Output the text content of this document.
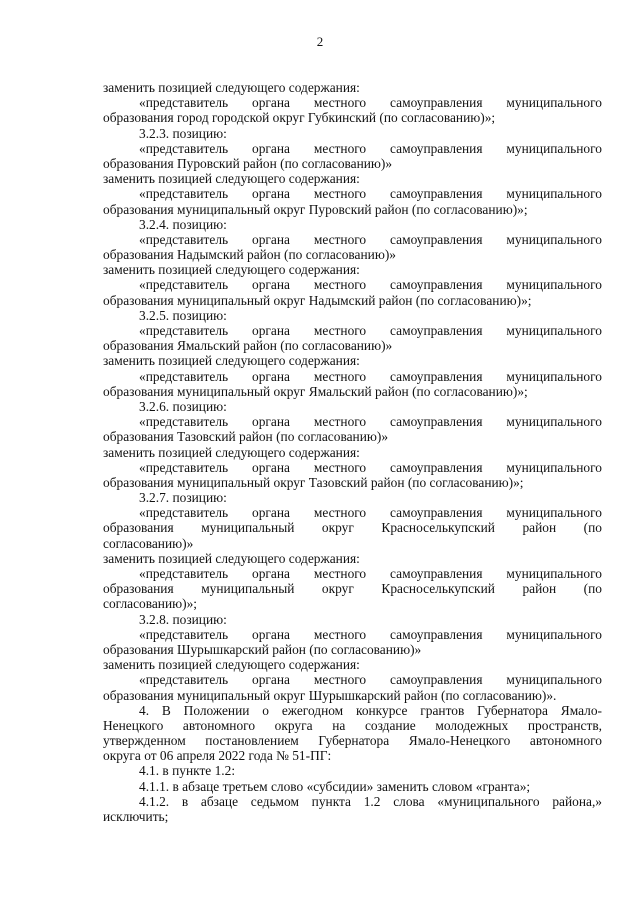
2
заменить позицией следующего содержания:
«представитель органа местного самоуправления муниципального
образования город городской округ Губкинский (по согласованию)»;
3.2.3. позицию:
«представитель органа местного самоуправления муниципального
образования Пуровский район (по согласованию)»
заменить позицией следующего содержания:
«представитель органа местного самоуправления муниципального
образования муниципальный округ Пуровский район (по согласованию)»;
3.2.4. позицию:
«представитель органа местного самоуправления муниципального
образования Надымский район (по согласованию)»
заменить позицией следующего содержания:
«представитель органа местного самоуправления муниципального
образования муниципальный округ Надымский район (по согласованию)»;
3.2.5. позицию:
«представитель органа местного самоуправления муниципального
образования Ямальский район (по согласованию)»
заменить позицией следующего содержания:
«представитель органа местного самоуправления муниципального
образования муниципальный округ Ямальский район (по согласованию)»;
3.2.6. позицию:
«представитель органа местного самоуправления муниципального
образования Тазовский район (по согласованию)»
заменить позицией следующего содержания:
«представитель органа местного самоуправления муниципального
образования муниципальный округ Тазовский район (по согласованию)»;
3.2.7. позицию:
«представитель органа местного самоуправления муниципального
образования муниципальный округ Красноселькупский район (по
согласованию)»
заменить позицией следующего содержания:
«представитель органа местного самоуправления муниципального
образования муниципальный округ Красноселькупский район (по
согласованию)»;
3.2.8. позицию:
«представитель органа местного самоуправления муниципального
образования Шурышкарский район (по согласованию)»
заменить позицией следующего содержания:
«представитель органа местного самоуправления муниципального
образования муниципальный округ Шурышкарский район (по согласованию)».
4. В Положении о ежегодном конкурсе грантов Губернатора Ямало-
Ненецкого автономного округа на создание молодежных пространств,
утвержденном постановлением Губернатора Ямало-Ненецкого автономного
округа от 06 апреля 2022 года № 51-ПГ:
4.1. в пункте 1.2:
4.1.1. в абзаце третьем слово «субсидии» заменить словом «гранта»;
4.1.2. в абзаце седьмом пункта 1.2 слова «муниципального района,»
исключить;
